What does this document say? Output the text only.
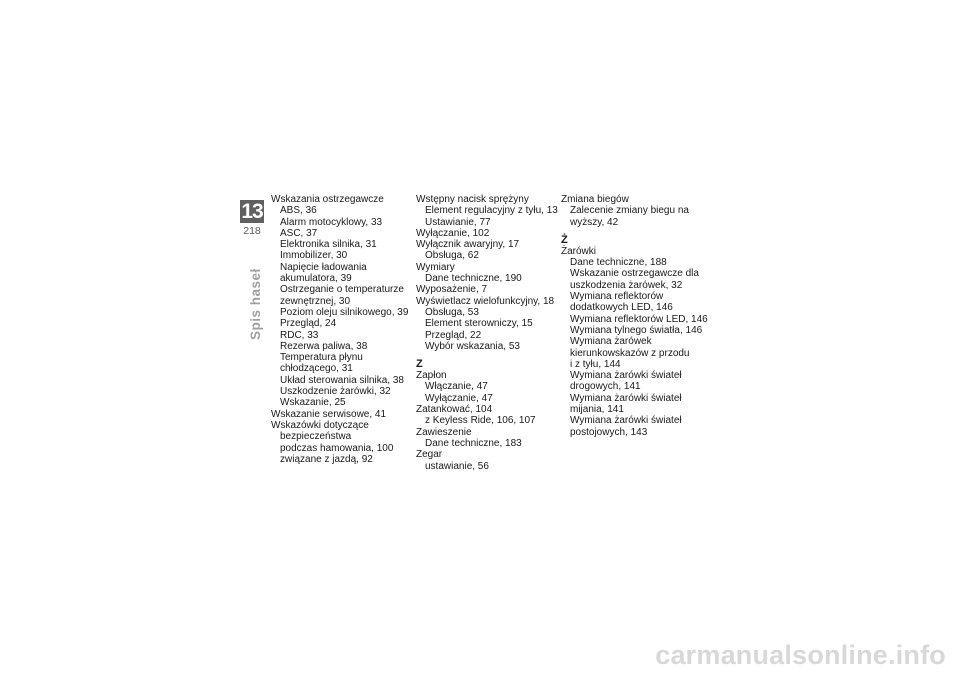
13
218
Spis haseł
Wskazania ostrzegawcze
ABS, 36
Alarm motocyklowy, 33
ASC, 37
Elektronika silnika, 31
Immobilizer, 30
Napięcie ładowania
akumulatora, 39
Ostrzeganie o temperaturze
zewnętrznej, 30
Poziom oleju silnikowego, 39
Przegląd, 24
RDC, 33
Rezerwa paliwa, 38
Temperatura płynu
chłodzącego, 31
Układ sterowania silnika, 38
Uszkodzenie żarówki, 32
Wskazanie, 25
Wskazanie serwisowe, 41
Wskazówki dotyczące
bezpieczeństwa
podczas hamowania, 100
związane z jazdą, 92
Wstępny nacisk sprężyny
Element regulacyjny z tyłu, 13
Ustawianie, 77
Wyłączanie, 102
Wyłącznik awaryjny, 17
Obsługa, 62
Wymiary
Dane techniczne, 190
Wyposażenie, 7
Wyświetlacz wielofunkcyjny, 18
Obsługa, 53
Element sterowniczy, 15
Przegląd, 22
Wybór wskazania, 53
Z
Zapłon
Włączanie, 47
Wyłączanie, 47
Zatankować, 104
z Keyless Ride, 106, 107
Zawieszenie
Dane techniczne, 183
Zegar
ustawianie, 56
Zmiana biegów
Zalecenie zmiany biegu na
wyższy, 42
Ż
Żarówki
Dane techniczne, 188
Wskazanie ostrzegawcze dla
uszkodzenia żarówek, 32
Wymiana reflektorów
dodatkowych LED, 146
Wymiana reflektorów LED, 146
Wymiana tylnego światła, 146
Wymiana żarówek
kierunkowskazów z przodu
i z tyłu, 144
Wymiana żarówki świateł
drogowych, 141
Wymiana żarówki świateł
mijania, 141
Wymiana żarówki świateł
postojowych, 143
carmanualsonline.info
